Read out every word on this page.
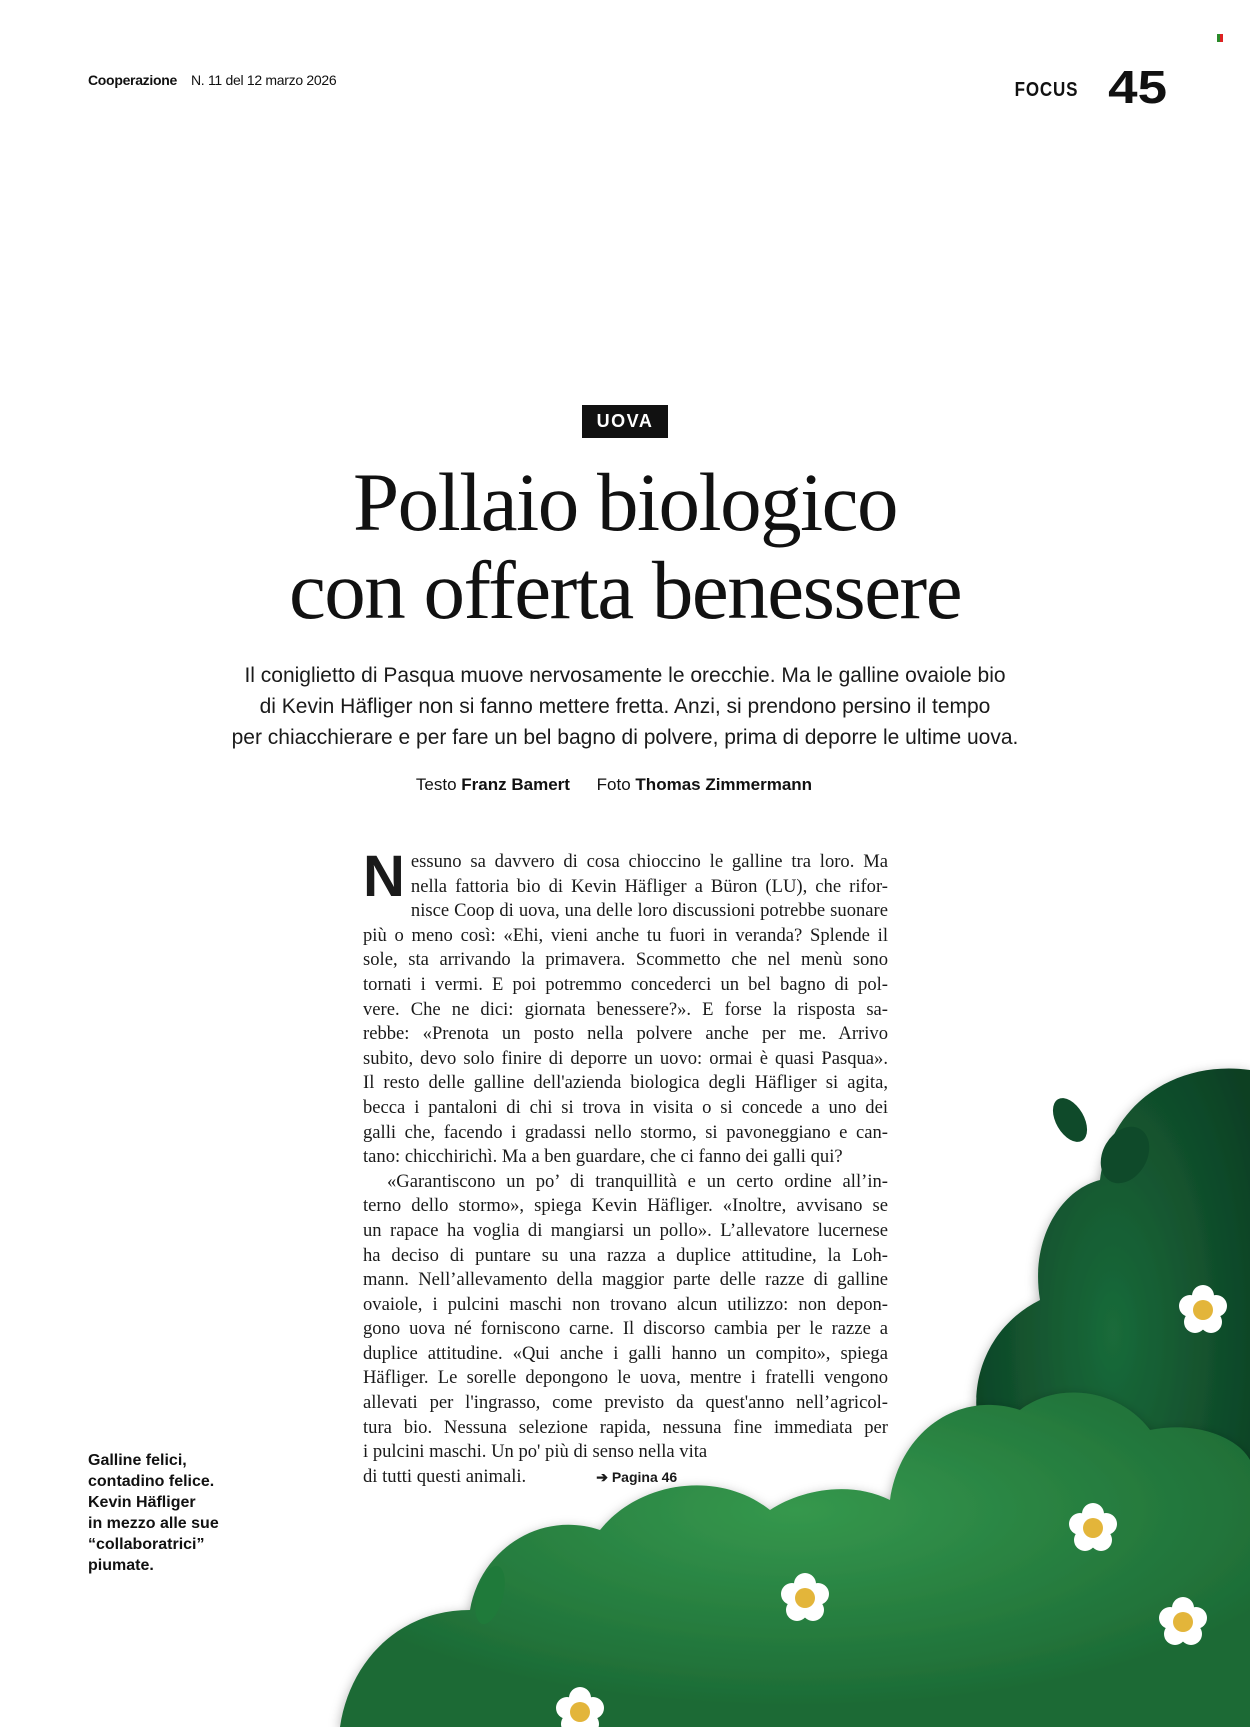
Cooperazione N. 11 del 12 marzo 2026	FOCUS 45
UOVA
Pollaio biologico
con offerta benessere
Il coniglietto di Pasqua muove nervosamente le orecchie. Ma le galline ovaiole bio
di Kevin Häfliger non si fanno mettere fretta. Anzi, si prendono persino il tempo
per chiacchierare e per fare un bel bagno di polvere, prima di deporre le ultime uova.
Testo Franz Bamert Foto Thomas Zimmermann
N essuno sa davvero di cosa chioccino le galline tra loro. Ma
nella fattoria bio di Kevin Häfliger a Büron (LU), che rifor-
nisce Coop di uova, una delle loro discussioni potrebbe suonare
più o meno così: «Ehi, vieni anche tu fuori in veranda? Splende il
sole, sta arrivando la primavera. Scommetto che nel menù sono
tornati i vermi. E poi potremmo concederci un bel bagno di pol-
vere. Che ne dici: giornata benessere?». E forse la risposta sa-
rebbe: «Prenota un posto nella polvere anche per me. Arrivo
subito, devo solo finire di deporre un uovo: ormai è quasi Pasqua».
Il resto delle galline dell'azienda biologica degli Häfliger si agita,
becca i pantaloni di chi si trova in visita o si concede a uno dei
galli che, facendo i gradassi nello stormo, si pavoneggiano e can-
tano: chicchirichì. Ma a ben guardare, che ci fanno dei galli qui?
«Garantiscono un po’ di tranquillità e un certo ordine all’in-
terno dello stormo», spiega Kevin Häfliger. «Inoltre, avvisano se
un rapace ha voglia di mangiarsi un pollo». L’allevatore lucernese
ha deciso di puntare su una razza a duplice attitudine, la Loh-
mann. Nell’allevamento della maggior parte delle razze di galline
ovaiole, i pulcini maschi non trovano alcun utilizzo: non depon-
gono uova né forniscono carne. Il discorso cambia per le razze a
duplice attitudine. «Qui anche i galli hanno un compito», spiega
Häfliger. Le sorelle depongono le uova, mentre i fratelli vengono
allevati per l'ingrasso, come previsto da quest'anno nell’agricol-
tura bio. Nessuna selezione rapida, nessuna fine immediata per
i pulcini maschi. Un po' più di senso nella vita
di tutti questi animali.	➔ Pagina 46
Galline felici,
contadino felice.
Kevin Häfliger
in mezzo alle sue
“collaboratrici”
piumate.
